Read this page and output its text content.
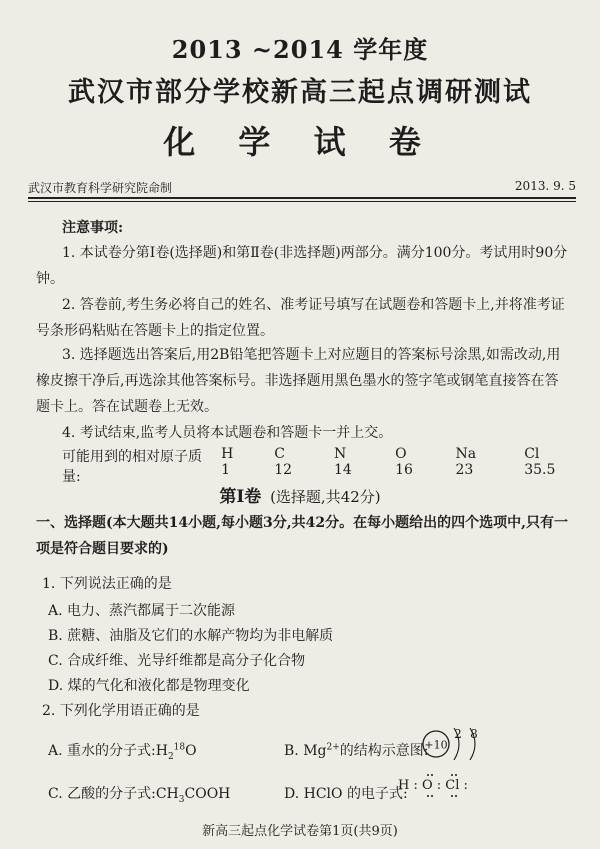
2013 ~2014 学年度
武汉市部分学校新高三起点调研测试
化 学 试 卷
武汉市教育科学研究院命制	2013. 9. 5
注意事项:

1. 本试卷分第Ⅰ卷(选择题)和第Ⅱ卷(非选择题)两部分。满分100分。考试用时90分钟。

2. 答卷前,考生务必将自己的姓名、准考证号填写在试题卷和答题卡上,并将准考证号条形码粘贴在答题卡上的指定位置。

3. 选择题选出答案后,用2B铅笔把答题卡上对应题目的答案标号涂黑,如需改动,用橡皮擦干净后,再选涂其他答案标号。非选择题用黑色墨水的签字笔或钢笔直接答在答题卡上。答在试题卷上无效。

4. 考试结束,监考人员将本试题卷和答题卡一并上交。

可能用到的相对原子质量:
H 1
C 12
N 14
O 16
Na 23
Cl 35.5
第Ⅰ卷 (选择题,共42分)
一、选择题(本大题共14小题,每小题3分,共42分。在每小题给出的四个选项中,只有一项是符合题目要求的)
1. 下列说法正确的是
A. 电力、蒸汽都属于二次能源
B. 蔗糖、油脂及它们的水解产物均为非电解质
C. 合成纤维、光导纤维都是高分子化合物
D. 煤的气化和液化都是物理变化
2. 下列化学用语正确的是
A. 重水的分子式$:H_2^{18}O$	B. $Mg^{2+}$的结构示意图:
+10
2 8
C. 乙酸的分子式$:CH_3COOH$	D. HClO 的电子式:
H : O : Cl :
新高三起点化学试卷第1页(共9页)
